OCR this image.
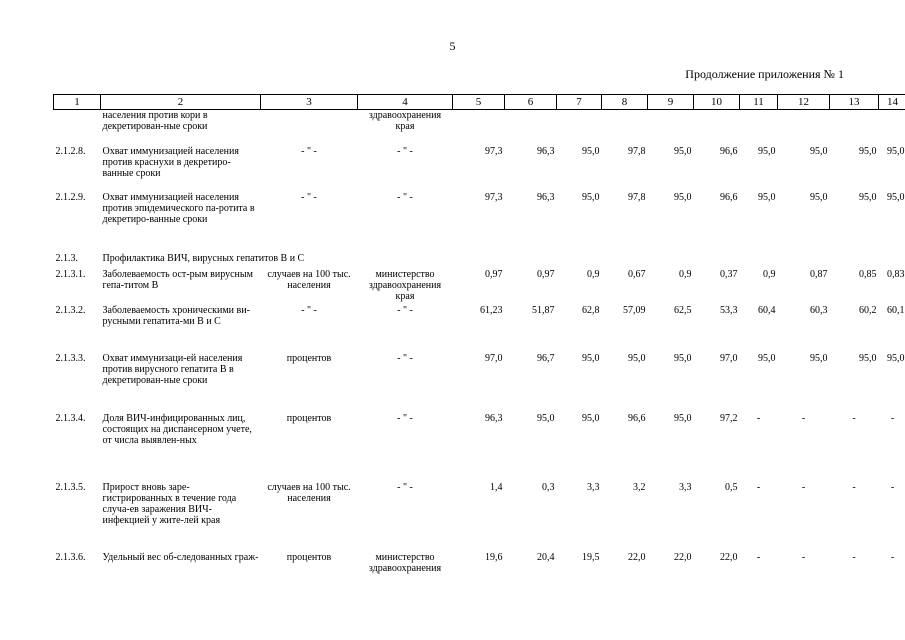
5
Продолжение приложения № 1
1	2	3	4	5	6	7	8	9	10	11	12	13	14
	населения против кори в декретирован-ные сроки		здравоохранения края										
2.1.2.8.	Охват иммунизацией населения против краснухи в декретиро-ванные сроки	- " -	- " -	97,3	96,3	95,0	97,8	95,0	96,6	95,0	95,0	95,0	95,0
2.1.2.9.	Охват иммунизацией населения против эпидемического па-ротита в декретиро-ванные сроки	- " -	- " -	97,3	96,3	95,0	97,8	95,0	96,6	95,0	95,0	95,0	95,0
2.1.3.	Профилактика ВИЧ, вирусных гепатитов В и С												
2.1.3.1.	Заболеваемость ост-рым вирусным гепа-титом В	случаев на 100 тыс. населения	министерство здравоохранения края	0,97	0,97	0,9	0,67	0,9	0,37	0,9	0,87	0,85	0,83
2.1.3.2.	Заболеваемость хроническими ви-русными гепатита-ми В и С	- " -	- " -	61,23	51,87	62,8	57,09	62,5	53,3	60,4	60,3	60,2	60,1
2.1.3.3.	Охват иммунизаци-ей населения против вирусного гепатита В в декретирован-ные сроки	процентов	- " -	97,0	96,7	95,0	95,0	95,0	97,0	95,0	95,0	95,0	95,0
2.1.3.4.	Доля ВИЧ-инфицированных лиц, состоящих на диспансерном учете, от числа выявлен-ных	процентов	- " -	96,3	95,0	95,0	96,6	95,0	97,2	-	-	-	-
2.1.3.5.	Прирост вновь заре-гистрированных в течение года случа-ев заражения ВИЧ-инфекцией у жите-лей края	случаев на 100 тыс. населения	- " -	1,4	0,3	3,3	3,2	3,3	0,5	-	-	-	-
2.1.3.6.	Удельный вес об-следованных граж-	процентов	министерство здравоохранения	19,6	20,4	19,5	22,0	22,0	22,0	-	-	-	-
